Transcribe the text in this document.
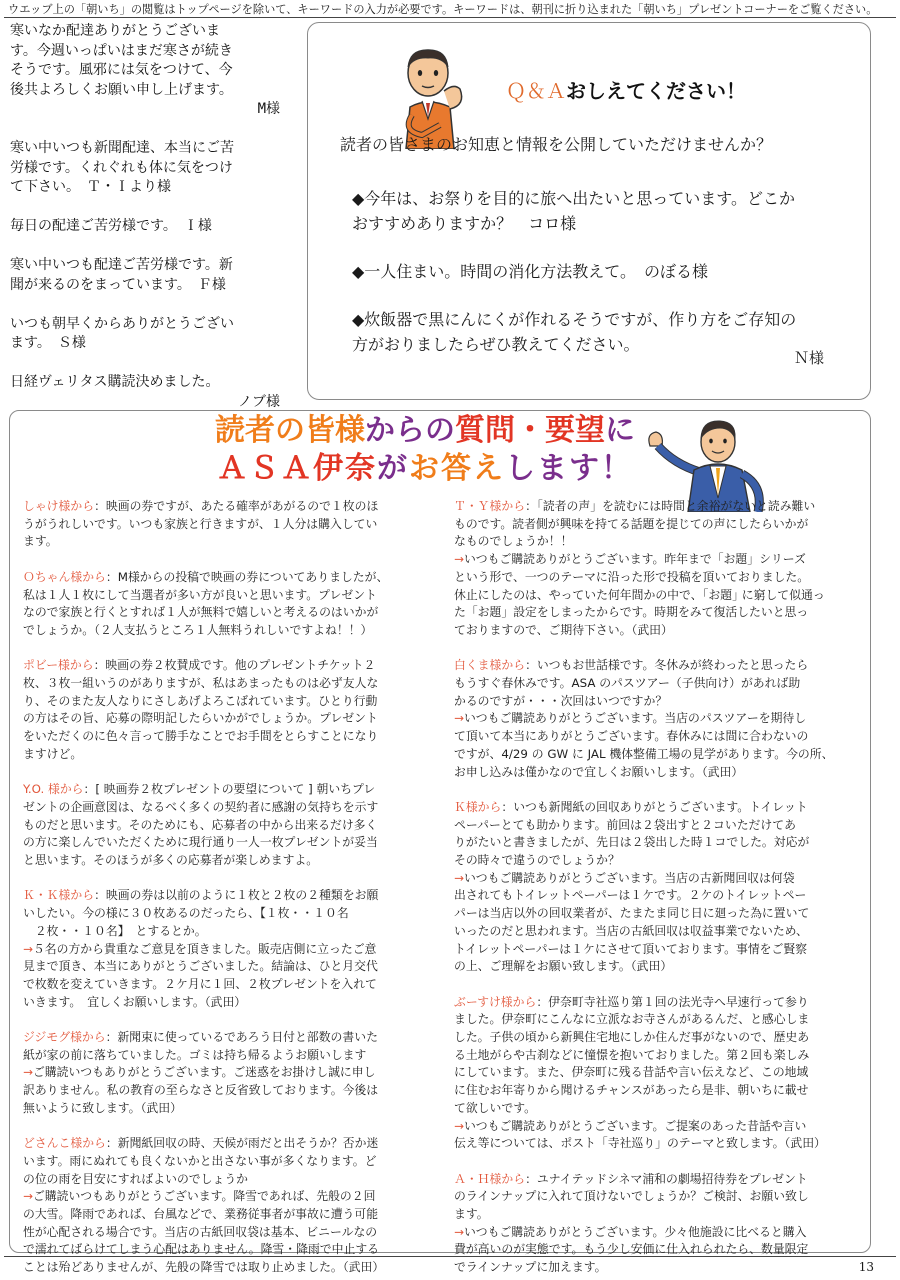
ウエッブ上の「朝いち」の閲覧はトップページを除いて、キーワードの入力が必要です。キーワードは、朝刊に折り込まれた「朝いち」プレゼントコーナーをご覧ください。

寒いなか配達ありがとうございま

す。今週いっぱいはまだ寒さが続き

そうです。風邪には気をつけて、今

後共よろしくお願い申し上げます。

M様

寒い中いつも新聞配達、本当にご苦

労様です。くれぐれも体に気をつけ

て下さい。　Ｔ・Ｉより様

毎日の配達ご苦労様です。　Ｉ様

寒い中いつも配達ご苦労様です。新

聞が来るのをまっています。　Ｆ様

いつも朝早くからありがとうござい

ます。　Ｓ様

日経ヴェリタス購読決めました。

ノブ様

Ｑ＆Ａおしえてください！
読者の皆さまのお知恵と情報を公開していただけませんか？

◆今年は、お祭りを目的に旅へ出たいと思っています。どこか

おすすめありますか？　コロ様

◆一人住まい。時間の消化方法教えて。　のぼる様

◆炊飯器で黒にんにくが作れるそうですが、作り方をご存知の

方がおりましたらぜひ教えてください。

Ｎ様
読者の皆様からの質問・要望に
ＡＳＡ伊奈がお答えします！

しゃけ様から：映画の券ですが、あたる確率があがるので１枚のほ

うがうれしいです。いつも家族と行きますが、１人分は購入してい

ます。

Ｏちゃん様から：M様からの投稿で映画の券についてありましたが、

私は１人１枚にして当選者が多い方が良いと思います。プレゼント

なので家族と行くとすれば１人が無料で嬉しいと考えるのはいかが

でしょうか。（２人支払うところ１人無料うれしいですよね！！）

ポビー様から：映画の券２枚賛成です。他のプレゼントチケット２

枚、３枚一組いうのがありますが、私はあまったものは必ず友人な

り、そのまた友人なりにさしあげよろこばれています。ひとり行動

の方はその旨、応募の際明記したらいかがでしょうか。プレゼント

をいただくのに色々言って勝手なことでお手間をとらすことになり

ますけど。

Y.O. 様から：[ 映画券２枚プレゼントの要望について ] 朝いちプレ

ゼントの企画意図は、なるべく多くの契約者に感謝の気持ちを示す

ものだと思います。そのためにも、応募者の中から出来るだけ多く

の方に楽しんでいただくために現行通り一人一枚プレゼントが妥当

と思います。そのほうが多くの応募者が楽しめますよ。

Ｋ・Ｋ様から：映画の券は以前のように１枚と２枚の２種類をお願

いしたい。今の様に３０枚あるのだったら、【１枚・・１０名

　２枚・・１０名】　とするとか。

→５名の方から貴重なご意見を頂きました。販売店側に立ったご意

見まで頂き、本当にありがとうございました。結論は、ひと月交代

で枚数を変えていきます。２ケ月に１回、２枚プレゼントを入れて

いきます。　宜しくお願いします。（武田）

ジジモグ様から：新聞束に使っているであろう日付と部数の書いた

紙が家の前に落ちていました。ゴミは持ち帰るようお願いします

→ご購読いつもありがとうございます。ご迷惑をお掛けし誠に申し

訳ありません。私の教育の至らなさと反省致しております。今後は

無いように致します。（武田）

どさんこ様から：新聞紙回収の時、天候が雨だと出そうか？否か迷

います。雨にぬれても良くないかと出さない事が多くなります。ど

の位の雨を目安にすればよいのでしょうか

→ご購読いつもありがとうございます。降雪であれば、先般の２回

の大雪。降雨であれば、台風などで、業務従事者が事故に遭う可能

性が心配される場合です。当店の古紙回収袋は基本、ビニールなの

で濡れてばらけてしまう心配はありません。降雪・降雨で中止する

ことは殆どありませんが、先般の降雪では取り止めました。（武田）

Ｔ・Ｙ様から：「読者の声」を読むには時間と余裕がないと読み難い

ものです。読者側が興味を持てる話題を提じての声にしたらいかが

なものでしょうか！！

→いつもご購読ありがとうございます。昨年まで「お題」シリーズ

という形で、一つのテーマに沿った形で投稿を頂いておりました。

休止にしたのは、やっていた何年間かの中で、｢お題｣ に窮して似通っ

た「お題」設定をしまったからです。時期をみて復活したいと思っ

ておりますので、ご期待下さい。（武田）

白くま様から：いつもお世話様です。冬休みが終わったと思ったら

もうすぐ春休みです。ASA のパスツアー（子供向け）があれば助

かるのですが・・・次回はいつですか？

→いつもご購読ありがとうございます。当店のパスツアーを期待し

て頂いて本当にありがとうございます。春休みには間に合わないの

ですが、4/29 の GW に JAL 機体整備工場の見学があります。今の所、

お申し込みは僅かなので宜しくお願いします。（武田）

Ｋ様から：いつも新聞紙の回収ありがとうございます。トイレット

ペーパーとても助かります。前回は２袋出すと２コいただけてあ

りがたいと書きましたが、先日は２袋出した時１コでした。対応が

その時々で違うのでしょうか？

→いつもご購読ありがとうございます。当店の古新聞回収は何袋

出されてもトイレットペーパーは１ケです。２ケのトイレットペー

パーは当店以外の回収業者が、たまたま同じ日に廻った為に置いて

いったのだと思われます。当店の古紙回収は収益事業でないため、

トイレットペーパーは１ケにさせて頂いております。事情をご賢察

の上、ご理解をお願い致します。（武田）

ぶーすけ様から：伊奈町寺社巡り第１回の法光寺へ早速行って参り

ました。伊奈町にこんなに立派なお寺さんがあるんだ、と感心しま

した。子供の頃から新興住宅地にしか住んだ事がないので、歴史あ

る土地がらや古刹などに憧憬を抱いておりました。第２回も楽しみ

にしています。また、伊奈町に残る昔話や言い伝えなど、この地域

に住むお年寄りから聞けるチャンスがあったら是非、朝いちに載せ

て欲しいです。

→いつもご購読ありがとうございます。ご提案のあった昔話や言い

伝え等については、ポスト「寺社巡り」のテーマと致します。（武田）

Ａ・Ｈ様から：ユナイテッドシネマ浦和の劇場招待券をプレゼント

のラインナップに入れて頂けないでしょうか？ご検討、お願い致し

ます。

→いつもご購読ありがとうございます。少々他施設に比べると購入

費が高いのが実態です。もう少し安価に仕入れられたら、数量限定

でラインナップに加えます。	13
